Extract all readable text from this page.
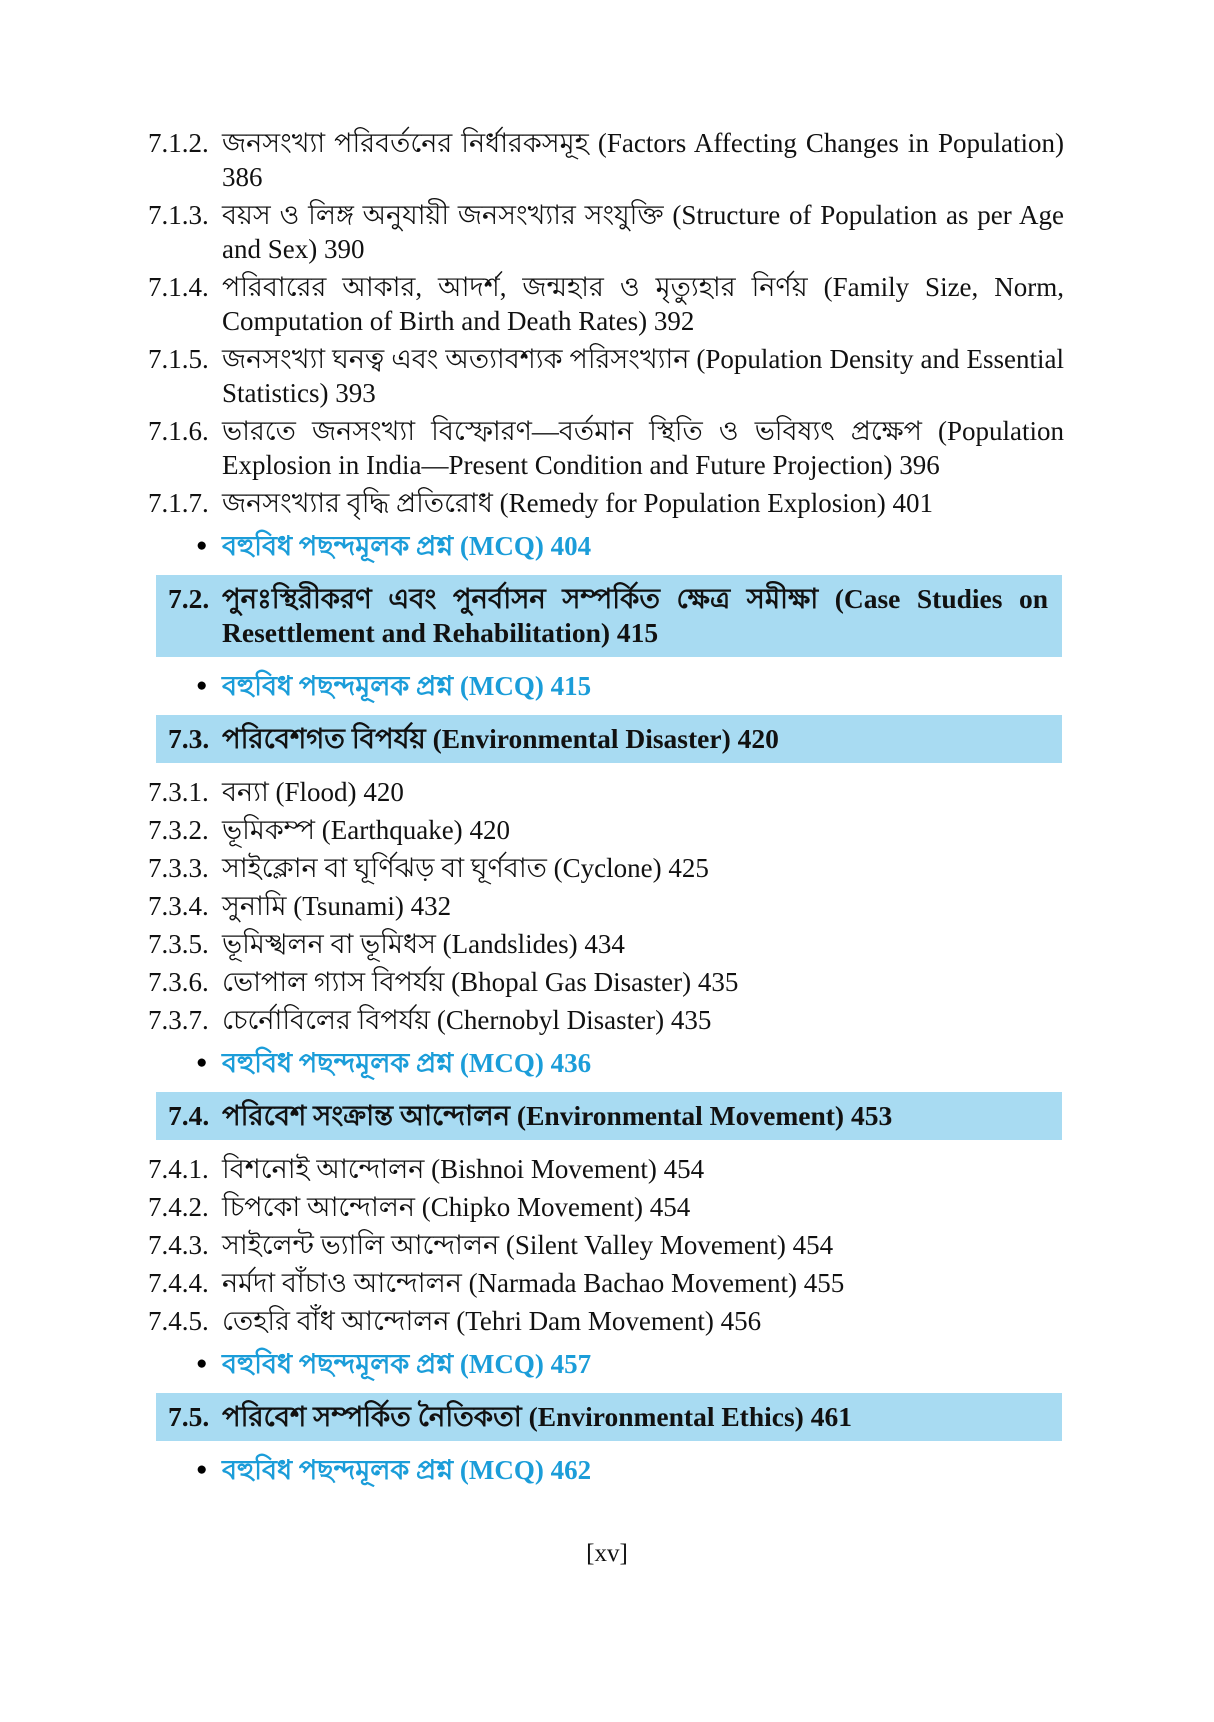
7.1.2. জনসংখ্যা পরিবর্তনের নির্ধারকসমূহ (Factors Affecting Changes in Population) 386
7.1.3. বয়স ও লিঙ্গ অনুযায়ী জনসংখ্যার সংযুক্তি (Structure of Population as per Age and Sex) 390
7.1.4. পরিবারের আকার, আদর্শ, জন্মহার ও মৃত্যুহার নির্ণয় (Family Size, Norm, Computation of Birth and Death Rates) 392
7.1.5. জনসংখ্যা ঘনত্ব এবং অত্যাবশ্যক পরিসংখ্যান (Population Density and Essential Statistics) 393
7.1.6. ভারতে জনসংখ্যা বিস্ফোরণ—বর্তমান স্থিতি ও ভবিষ্যৎ প্রক্ষেপ (Population Explosion in India—Present Condition and Future Projection) 396
7.1.7. জনসংখ্যার বৃদ্ধি প্রতিরোধ (Remedy for Population Explosion) 401
● বহুবিধ পছন্দমূলক প্রশ্ন (MCQ) 404
7.2. পুনঃস্থিরীকরণ এবং পুনর্বাসন সম্পর্কিত ক্ষেত্র সমীক্ষা (Case Studies on Resettlement and Rehabilitation) 415
● বহুবিধ পছন্দমূলক প্রশ্ন (MCQ) 415
7.3. পরিবেশগত বিপর্যয় (Environmental Disaster) 420
7.3.1. বন্যা (Flood) 420
7.3.2. ভূমিকম্প (Earthquake) 420
7.3.3. সাইক্লোন বা ঘূর্ণিঝড় বা ঘূর্ণবাত (Cyclone) 425
7.3.4. সুনামি (Tsunami) 432
7.3.5. ভূমিস্খলন বা ভূমিধস (Landslides) 434
7.3.6. ভোপাল গ্যাস বিপর্যয় (Bhopal Gas Disaster) 435
7.3.7. চের্নোবিলের বিপর্যয় (Chernobyl Disaster) 435
● বহুবিধ পছন্দমূলক প্রশ্ন (MCQ) 436
7.4. পরিবেশ সংক্রান্ত আন্দোলন (Environmental Movement) 453
7.4.1. বিশনোই আন্দোলন (Bishnoi Movement) 454
7.4.2. চিপকো আন্দোলন (Chipko Movement) 454
7.4.3. সাইলেন্ট ভ্যালি আন্দোলন (Silent Valley Movement) 454
7.4.4. নর্মদা বাঁচাও আন্দোলন (Narmada Bachao Movement) 455
7.4.5. তেহরি বাঁধ আন্দোলন (Tehri Dam Movement) 456
● বহুবিধ পছন্দমূলক প্রশ্ন (MCQ) 457
7.5. পরিবেশ সম্পর্কিত নৈতিকতা (Environmental Ethics) 461
● বহুবিধ পছন্দমূলক প্রশ্ন (MCQ) 462
[xv]
